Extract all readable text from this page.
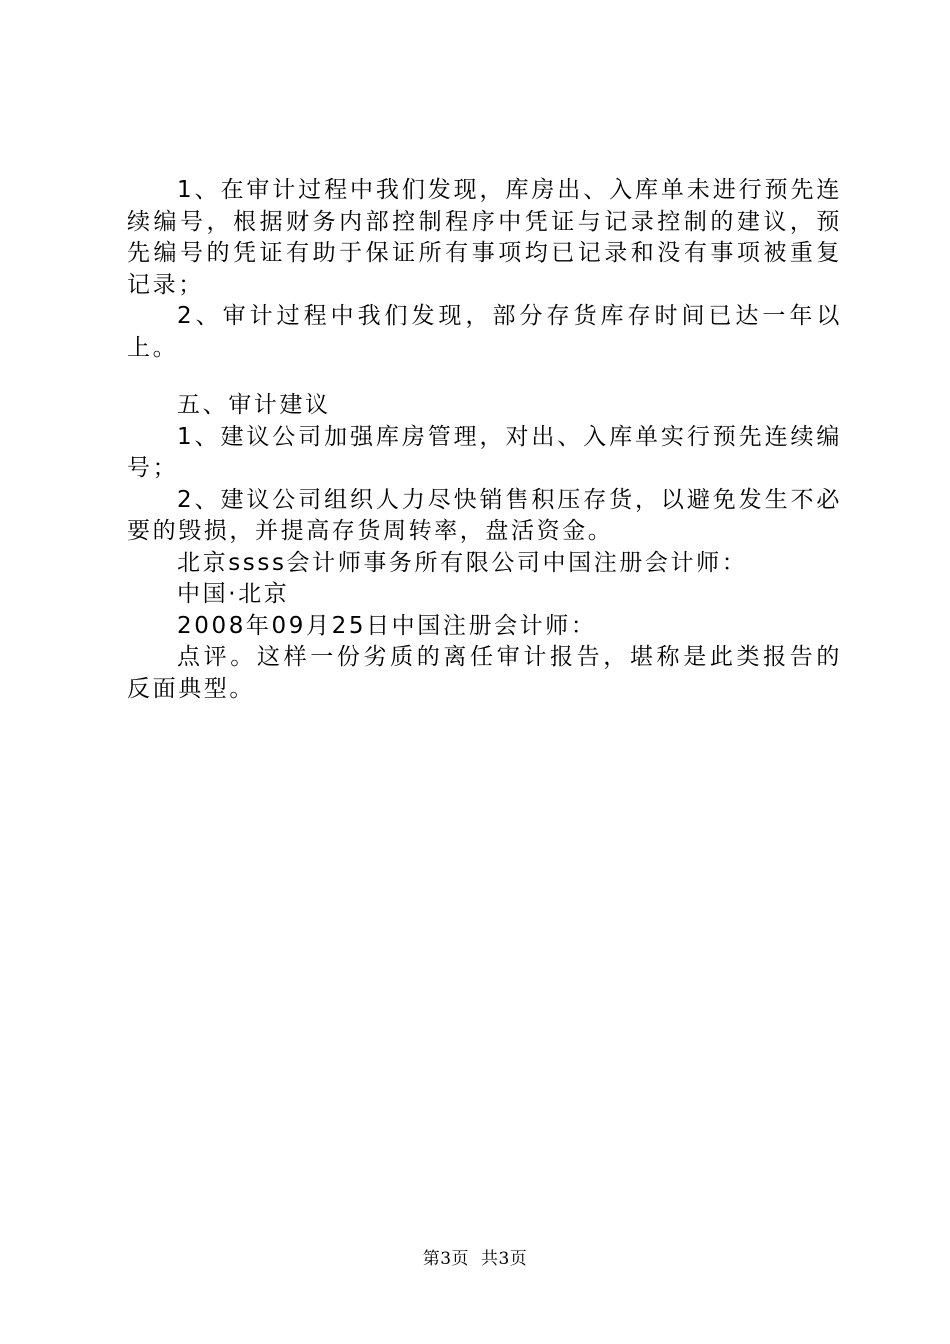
1、在审计过程中我们发现，库房出、入库单未进行预先连续编号，根据财务内部控制程序中凭证与记录控制的建议，预先编号的凭证有助于保证所有事项均已记录和没有事项被重复记录；

2、审计过程中我们发现，部分存货库存时间已达一年以上。

五、审计建议

1、建议公司加强库房管理，对出、入库单实行预先连续编号；

2、建议公司组织人力尽快销售积压存货，以避免发生不必要的毁损，并提高存货周转率，盘活资金。

北京ssss会计师事务所有限公司中国注册会计师：

中国·北京

2008年09月25日中国注册会计师：

点评。这样一份劣质的离任审计报告，堪称是此类报告的反面典型。

第3页 共3页
